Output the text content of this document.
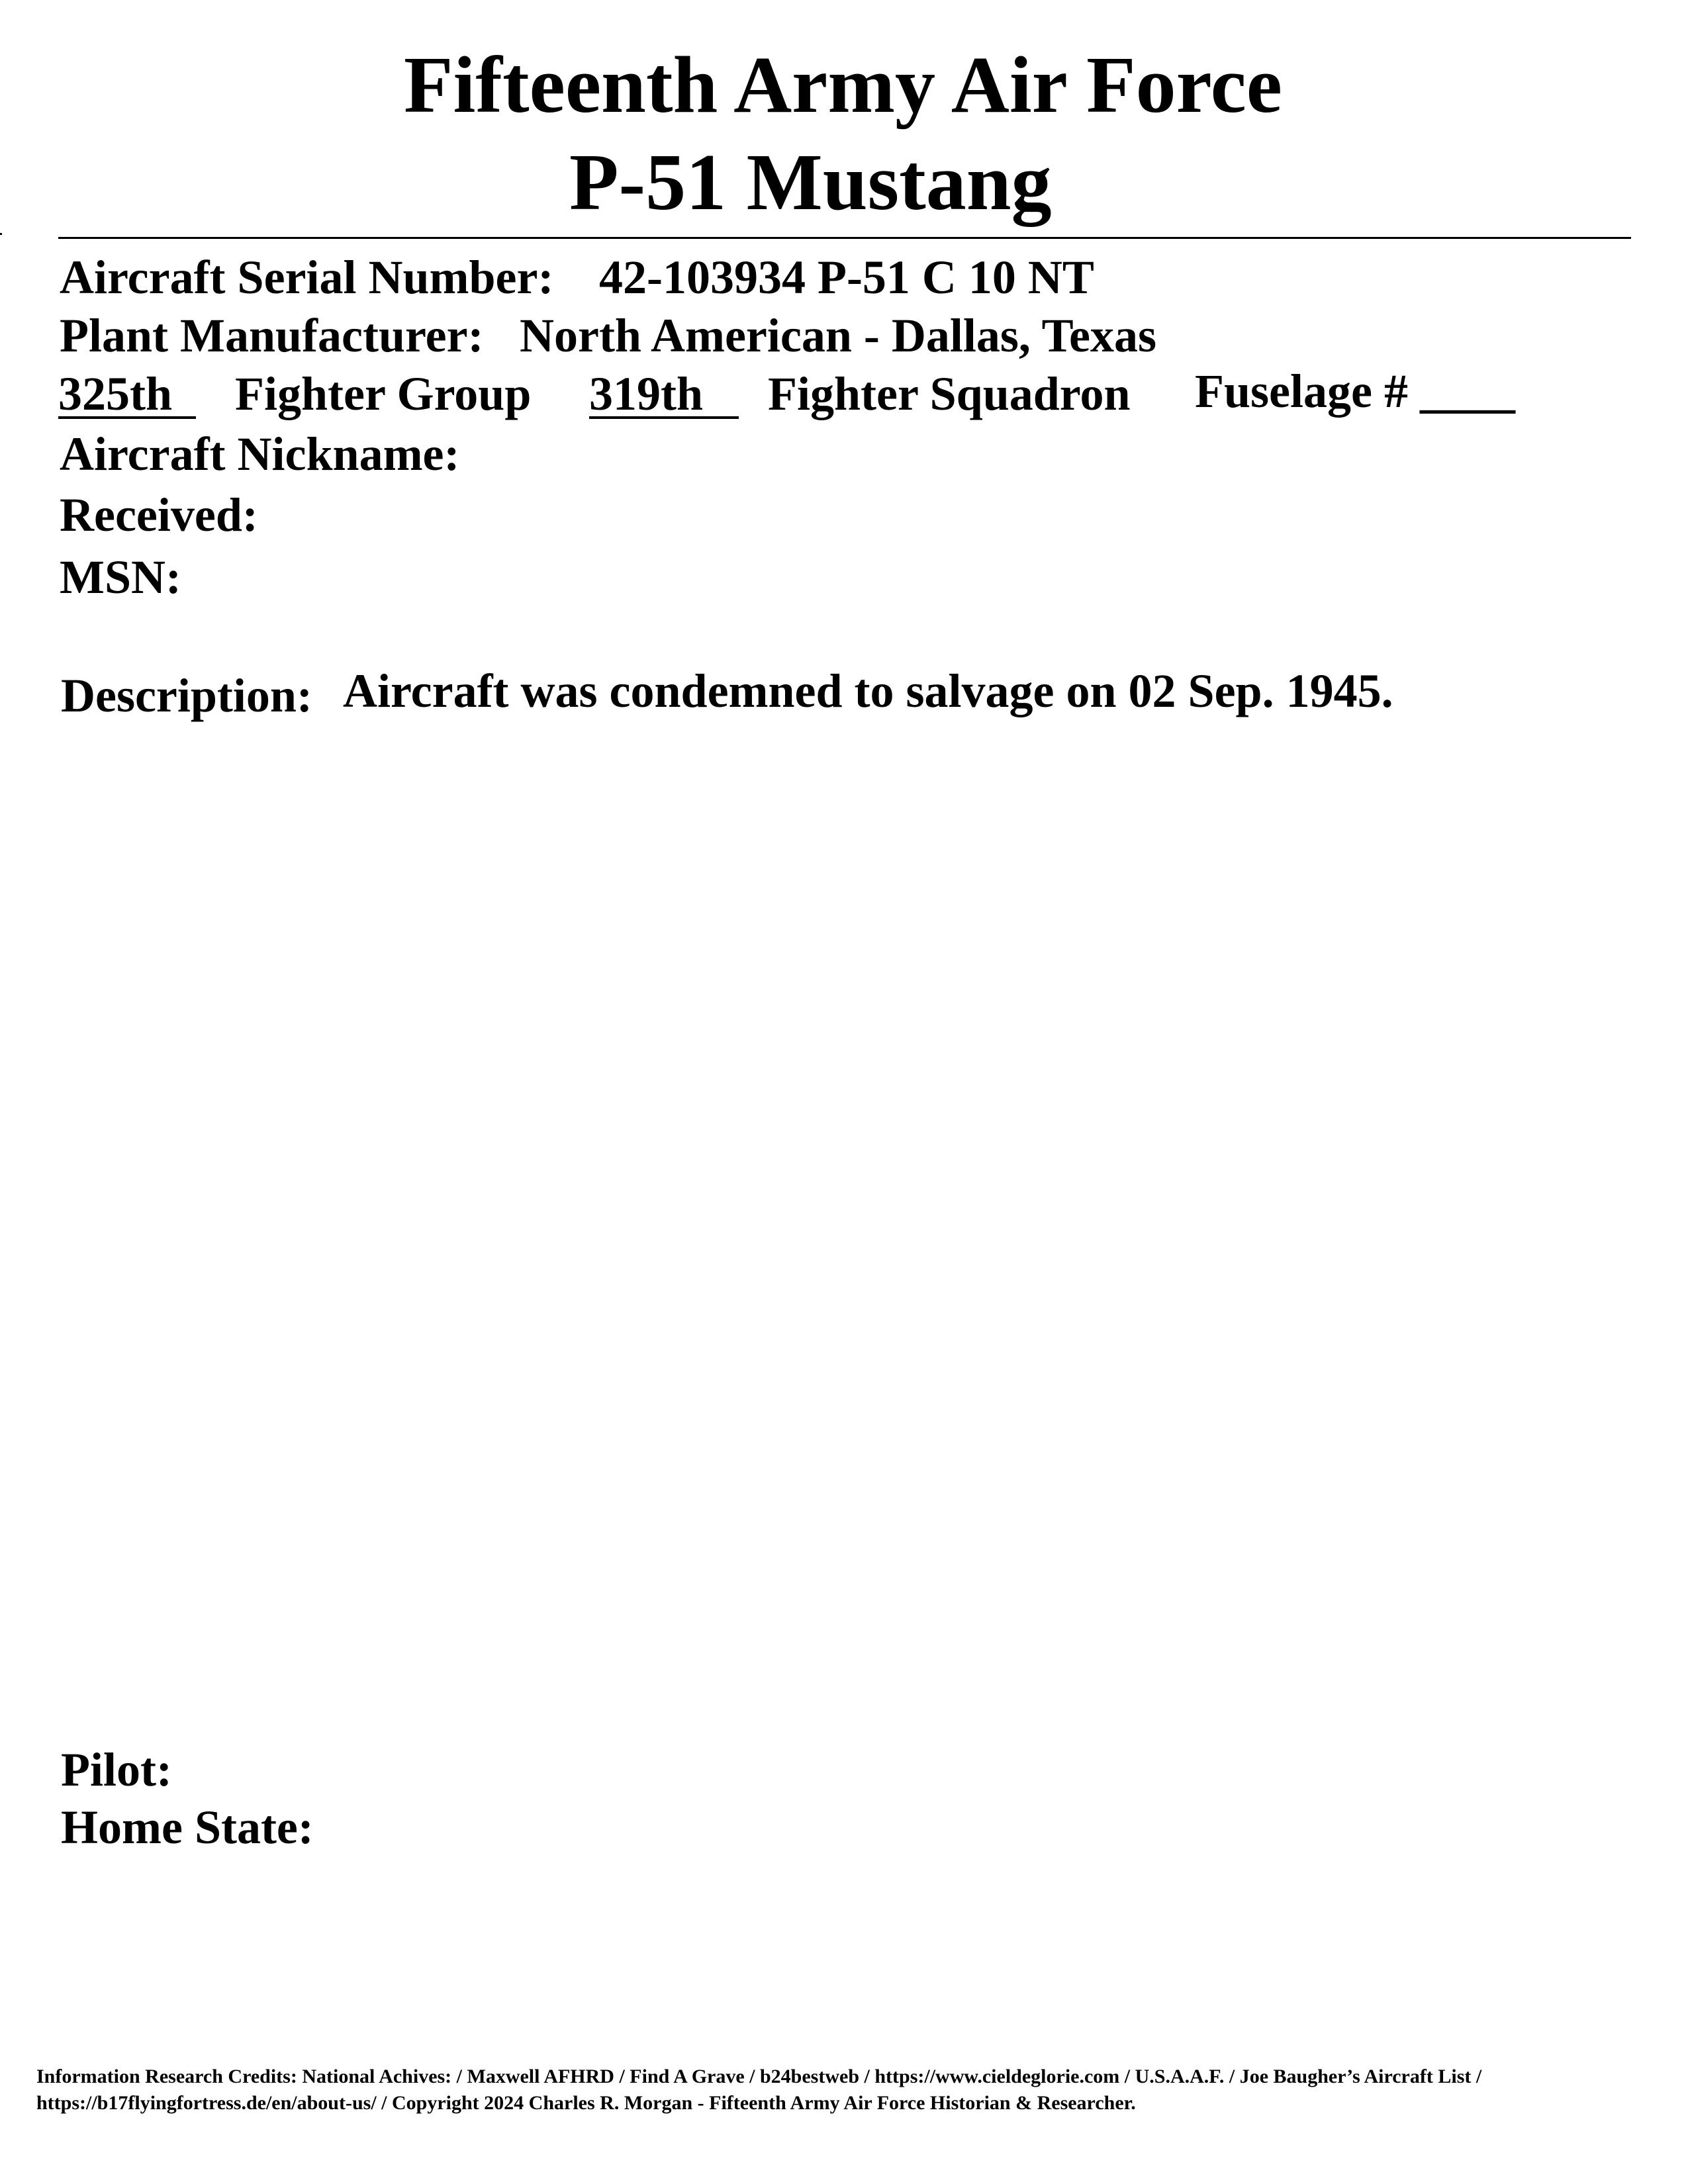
Fifteenth Army Air Force
P-51 Mustang
Aircraft Serial Number: 42-103934 P-51 C 10 NT
Plant Manufacturer: North American - Dallas, Texas
325th Fighter Group 319th Fighter Squadron Fuselage # ____
Aircraft Nickname:
Received:
MSN:
Description: Aircraft was condemned to salvage on 02 Sep. 1945.
Pilot:
Home State:
Information Research Credits: National Achives: / Maxwell AFHRD / Find A Grave / b24bestweb / https://www.cieldeglorie.com / U.S.A.A.F. / Joe Baugher’s Aircraft List /
https://b17flyingfortress.de/en/about-us/ / Copyright 2024 Charles R. Morgan - Fifteenth Army Air Force Historian & Researcher.
